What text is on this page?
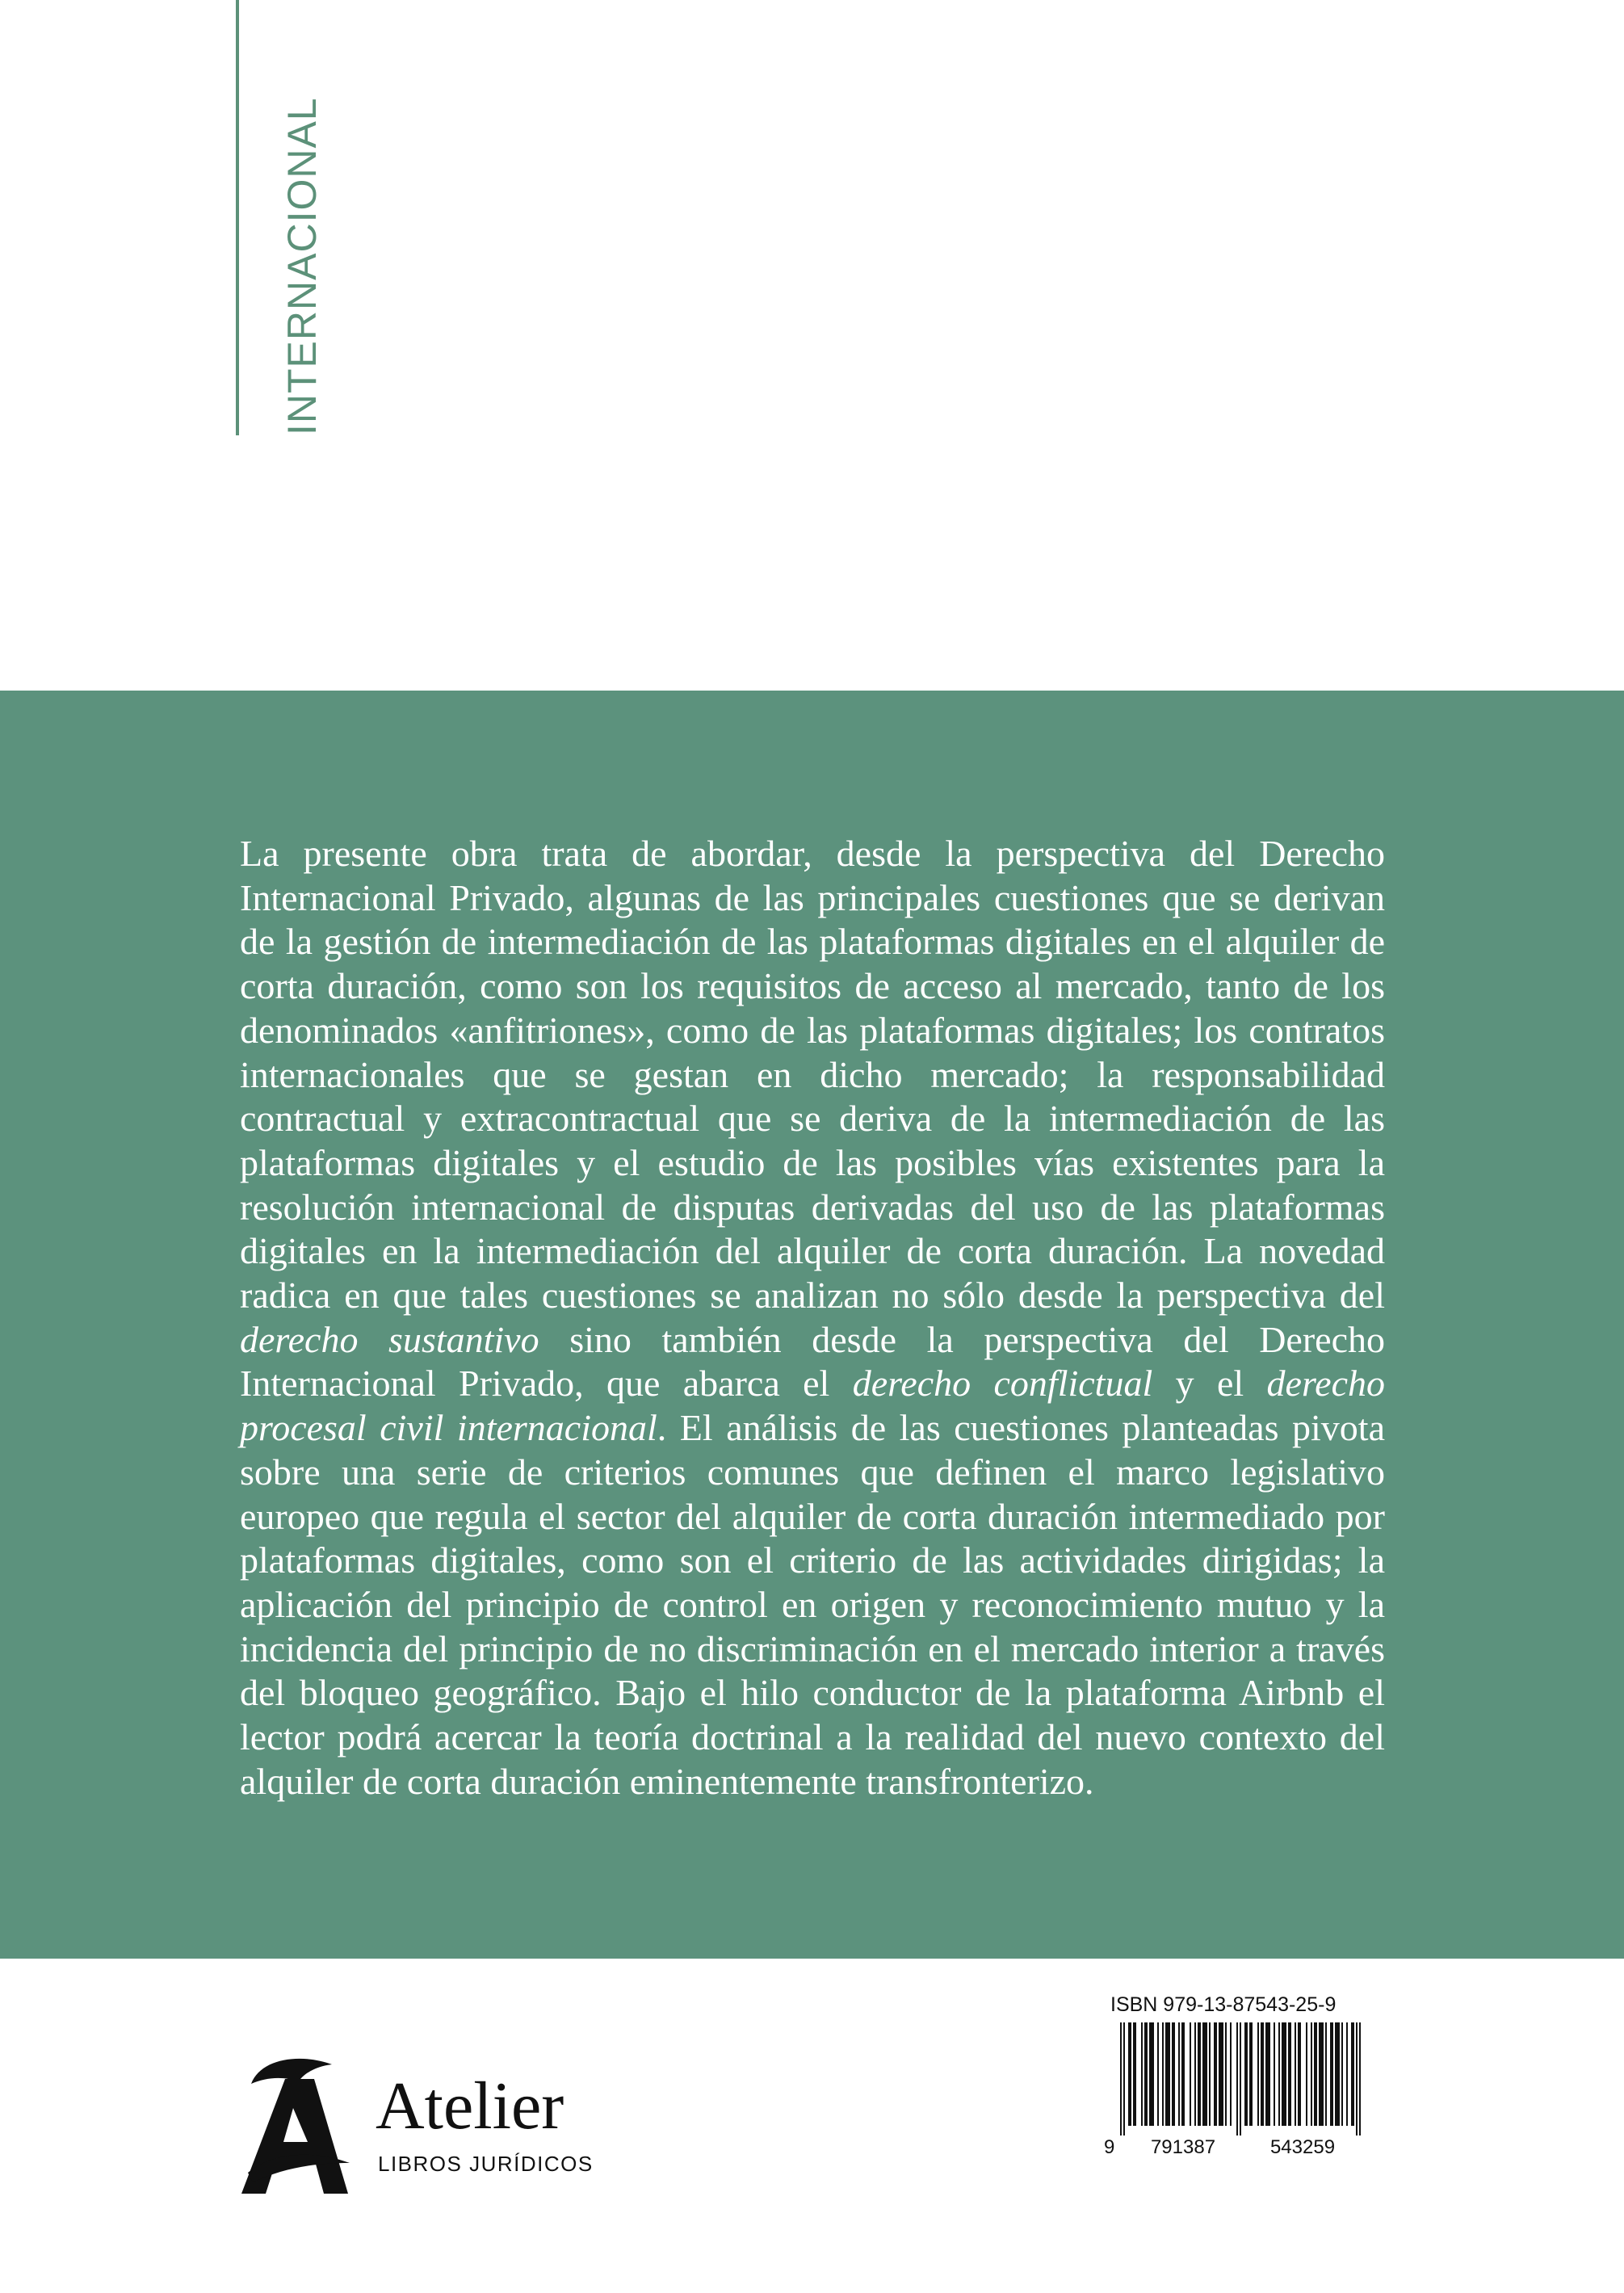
INTERNACIONAL

La presente obra trata de abordar, desde la perspectiva del Derecho Internacional Privado, algunas de las principales cuestiones que se derivan de la gestión de intermediación de las plataformas digitales en el alquiler de corta duración, como son los requisitos de acceso al mercado, tanto de los denominados «anfitriones», como de las plataformas digitales; los contratos internacionales que se gestan en dicho mercado; la responsabilidad contractual y extracontractual que se deriva de la intermediación de las plataformas digitales y el estudio de las posibles vías existentes para la resolución internacional de disputas derivadas del uso de las plataformas digitales en la intermediación del alquiler de corta duración. La novedad radica en que tales cuestiones se analizan no sólo desde la perspectiva del derecho sustantivo sino también desde la perspectiva del Derecho Internacional Privado, que abarca el derecho conflictual y el derecho procesal civil internacional. El análisis de las cuestiones planteadas pivota sobre una serie de criterios comunes que definen el marco legislativo europeo que regula el sector del alquiler de corta duración intermediado por plataformas digitales, como son el criterio de las actividades dirigidas; la aplicación del principio de control en origen y reconocimiento mutuo y la incidencia del principio de no discriminación en el mercado interior a través del bloqueo geográfico. Bajo el hilo conductor de la plataforma Airbnb el lector podrá acercar la teoría doctrinal a la realidad del nuevo contexto del alquiler de corta duración eminentemente transfronterizo.

Atelier
LIBROS JURÍDICOS
ISBN 979-13-87543-25-9
9 791387	543259
